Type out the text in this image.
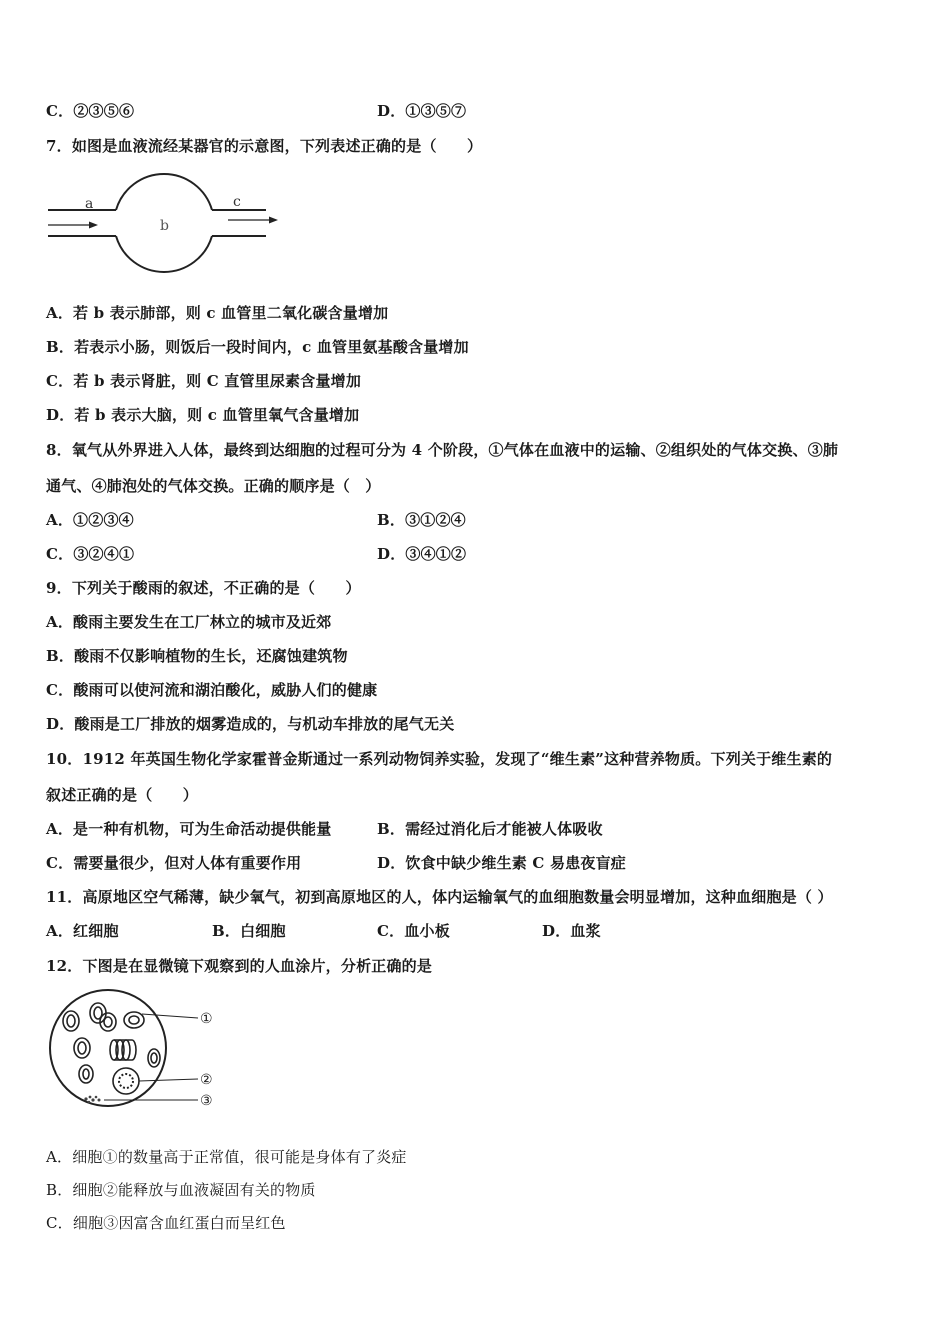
C．②③⑤⑥	D．①③⑤⑦
7．如图是血液流经某器官的示意图，下列表述正确的是（　　）
a
b
c
A．若 b 表示肺部，则 c 血管里二氧化碳含量增加
B．若表示小肠，则饭后一段时间内，c 血管里氨基酸含量增加
C．若 b 表示肾脏，则 C 直管里尿素含量增加
D．若 b 表示大脑，则 c 血管里氧气含量增加
8．氧气从外界进入人体，最终到达细胞的过程可分为 4 个阶段，①气体在血液中的运输、②组织处的气体交换、③肺
通气、④肺泡处的气体交换。正确的顺序是（　）
A．①②③④	B．③①②④
C．③②④①	D．③④①②
9．下列关于酸雨的叙述，不正确的是（　　）
A．酸雨主要发生在工厂林立的城市及近郊
B．酸雨不仅影响植物的生长，还腐蚀建筑物
C．酸雨可以使河流和湖泊酸化，威胁人们的健康
D．酸雨是工厂排放的烟雾造成的，与机动车排放的尾气无关
10．1912 年英国生物化学家霍普金斯通过一系列动物饲养实验，发现了“维生素”这种营养物质。下列关于维生素的
叙述正确的是（　　）
A．是一种有机物，可为生命活动提供能量	B．需经过消化后才能被人体吸收
C．需要量很少，但对人体有重要作用	D．饮食中缺少维生素 C 易患夜盲症
11．高原地区空气稀薄，缺少氧气，初到高原地区的人，体内运输氧气的血细胞数量会明显增加，这种血细胞是（ ）
A．红细胞	B．白细胞	C．血小板	D．血浆
12．下图是在显微镜下观察到的人血涂片，分析正确的是
①
②
③
A．细胞①的数量高于正常值，很可能是身体有了炎症
B．细胞②能释放与血液凝固有关的物质
C．细胞③因富含血红蛋白而呈红色
